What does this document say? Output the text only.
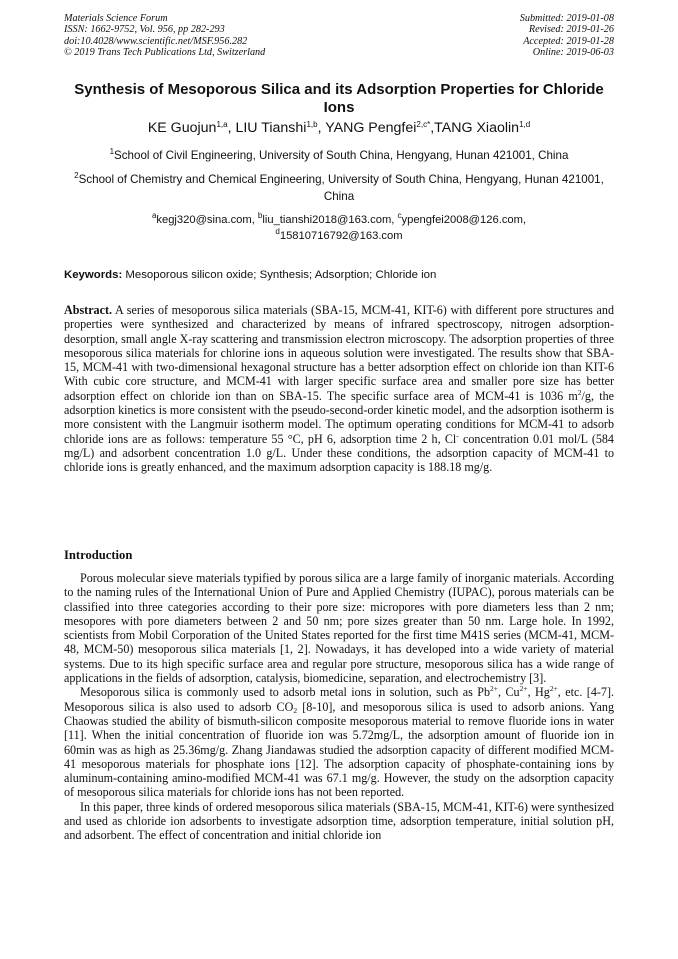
Materials Science Forum
ISSN: 1662-9752, Vol. 956, pp 282-293
doi:10.4028/www.scientific.net/MSF.956.282
© 2019 Trans Tech Publications Ltd, Switzerland
Submitted: 2019-01-08
Revised: 2019-01-26
Accepted: 2019-01-28
Online: 2019-06-03
Synthesis of Mesoporous Silica and its Adsorption Properties for Chloride Ions
KE Guojun$^{1,a}$, LIU Tianshi$^{1,b}$, YANG Pengfei$^{2,c*}$,TANG Xiaolin$^{1,d}$
$^1$School of Civil Engineering, University of South China, Hengyang, Hunan 421001, China
$^2$School of Chemistry and Chemical Engineering, University of South China, Hengyang, Hunan 421001, China
$^a$kegj320@sina.com, $^b$liu_tianshi2018@163.com, $^c$ypengfei2008@126.com,
$^d$15810716792@163.com
Keywords: Mesoporous silicon oxide; Synthesis; Adsorption; Chloride ion
Abstract. A series of mesoporous silica materials (SBA-15, MCM-41, KIT-6) with different pore structures and properties were synthesized and characterized by means of infrared spectroscopy, nitrogen adsorption- desorption, small angle X-ray scattering and transmission electron microscopy. The adsorption properties of three mesoporous silica materials for chlorine ions in aqueous solution were investigated. The results show that SBA-15, MCM-41 with two-dimensional hexagonal structure has a better adsorption effect on chloride ion than KIT-6 With cubic core structure, and MCM-41 with larger specific surface area and smaller pore size has better adsorption effect on chloride ion than on SBA-15. The specific surface area of MCM-41 is 1036 $m^2/g$, the adsorption kinetics is more consistent with the pseudo-second-order kinetic model, and the adsorption isotherm is more consistent with the Langmuir isotherm model. The optimum operating conditions for MCM-41 to adsorb chloride ions are as follows: temperature 55 °C, pH 6, adsorption time 2 h, Cl- concentration 0.01 mol/L (584 mg/L) and adsorbent concentration 1.0 g/L. Under these conditions, the adsorption capacity of MCM-41 to chloride ions is greatly enhanced, and the maximum adsorption capacity is 188.18 mg/g.
Introduction

Porous molecular sieve materials typified by porous silica are a large family of inorganic materials. According to the naming rules of the International Union of Pure and Applied Chemistry (IUPAC), porous materials can be classified into three categories according to their pore size: micropores with pore diameters less than 2 nm; mesopores with pore diameters between 2 and 50 nm; pore sizes greater than 50 nm. Large hole. In 1992, scientists from Mobil Corporation of the United States reported for the first time M41S series (MCM-41, MCM-48, MCM-50) mesoporous silica materials [1, 2]. Nowadays, it has developed into a wide variety of material systems. Due to its high specific surface area and regular pore structure, mesoporous silica has a wide range of applications in the fields of adsorption, catalysis, biomedicine, separation, and electrochemistry [3].

Mesoporous silica is commonly used to adsorb metal ions in solution, such as $Pb^{2+}$, $Cu^{2+}$, $Hg^{2+}$, etc. [4-7]. Mesoporous silica is also used to adsorb $CO_2$ [8-10], and mesoporous silica is used to adsorb anions. Yang Chaowas studied the ability of bismuth-silicon composite mesoporous material to remove fluoride ions in water [11]. When the initial concentration of fluoride ion was 5.72mg/L, the adsorption amount of fluoride ion in 60min was as high as 25.36mg/g. Zhang Jiandawas studied the adsorption capacity of different modified MCM-41 mesoporous materials for phosphate ions [12]. The adsorption capacity of phosphate-containing ions by aluminum-containing amino-modified MCM-41 was 67.1 mg/g. However, the study on the adsorption capacity of mesoporous silica materials for chloride ions has not been reported.

In this paper, three kinds of ordered mesoporous silica materials (SBA-15, MCM-41, KIT-6) were synthesized and used as chloride ion adsorbents to investigate adsorption time, adsorption temperature, initial solution pH, and adsorbent. The effect of concentration and initial chloride ion
